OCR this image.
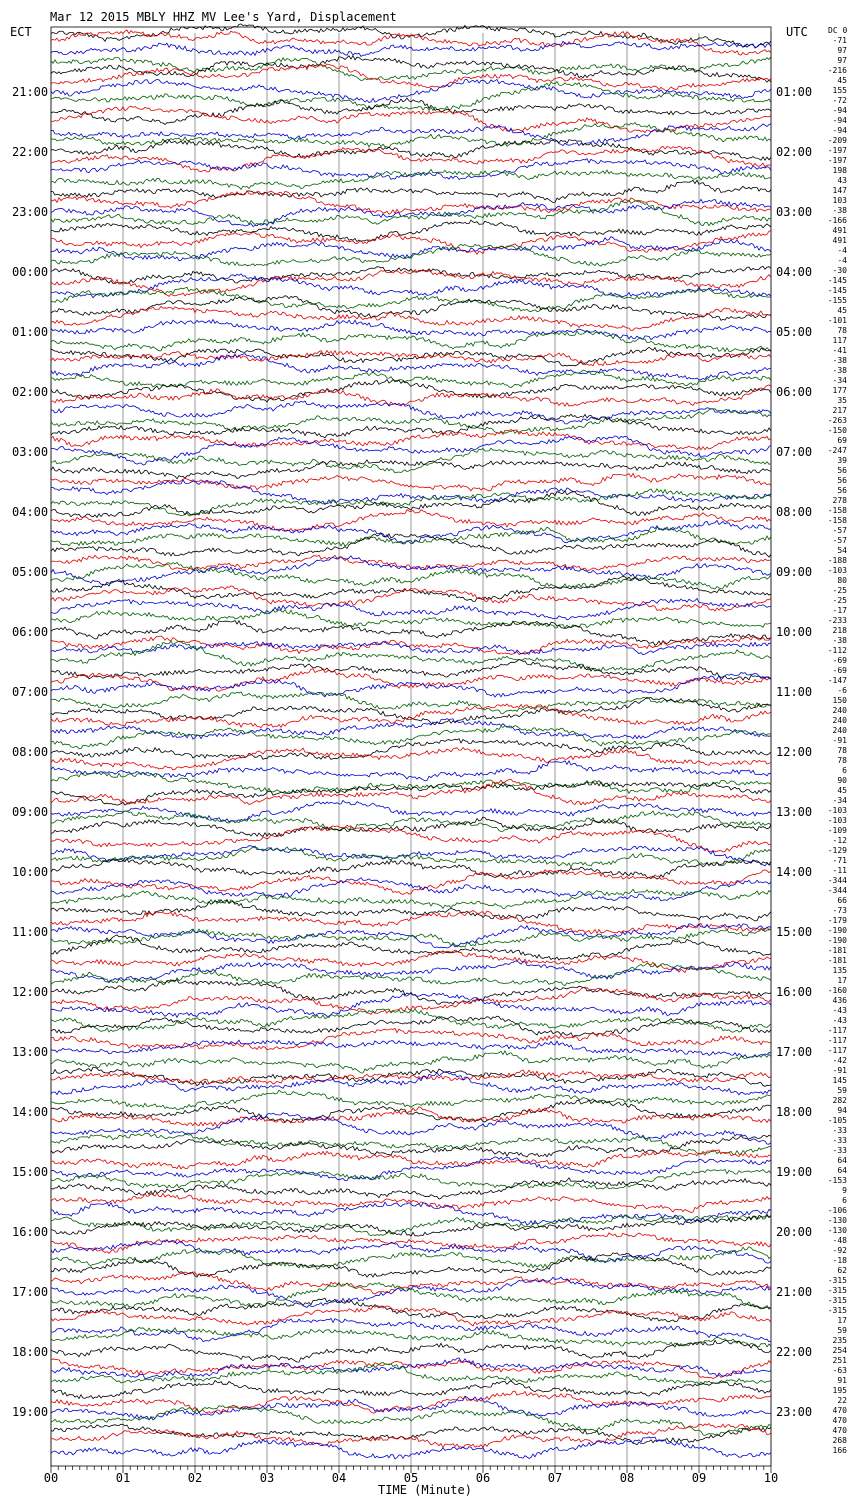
Mar 12 2015 MBLY HHZ MV Lee's Yard, Displacement
ECT	UTC	DC 0
21:00
22:00
23:00
00:00
01:00
02:00
03:00
04:00
05:00
06:00
07:00
08:00
09:00
10:00
11:00
12:00
13:00
14:00
15:00
16:00
17:00
18:00
19:00
01:00
02:00
03:00
04:00
05:00
06:00
07:00
08:00
09:00
10:00
11:00
12:00
13:00
14:00
15:00
16:00
17:00
18:00
19:00
20:00
21:00
22:00
23:00
-71
97
97
-216
45
155
-72
-94
-94
-94
-209
-197
-197
198
43
147
103
-38
-166
491
491
-4
-4
-30
-145
-145
-155
45
-101
78
117
-41
-38
-38
-34
177
35
217
-263
-150
69
-247
39
56
56
56
278
-158
-158
-57
-57
54
-188
-103
80
-25
-25
-17
-233
218
-38
-112
-69
-69
-147
-6
150
240
240
240
-91
78
78
6
90
45
-34
-103
-103
-109
-12
-129
-71
-11
-344
-344
66
-73
-179
-190
-190
-181
-181
135
17
-160
436
-43
-43
-117
-117
-117
-42
-91
145
59
282
94
-105
-33
-33
-33
64
64
-153
9
6
-106
-130
-130
-48
-92
-18
62
-315
-315
-315
-315
17
59
235
254
251
-63
91
195
22
470
470
470
268
166
00	01	02	03	04	05	06	07	08	09	10
TIME (Minute)
